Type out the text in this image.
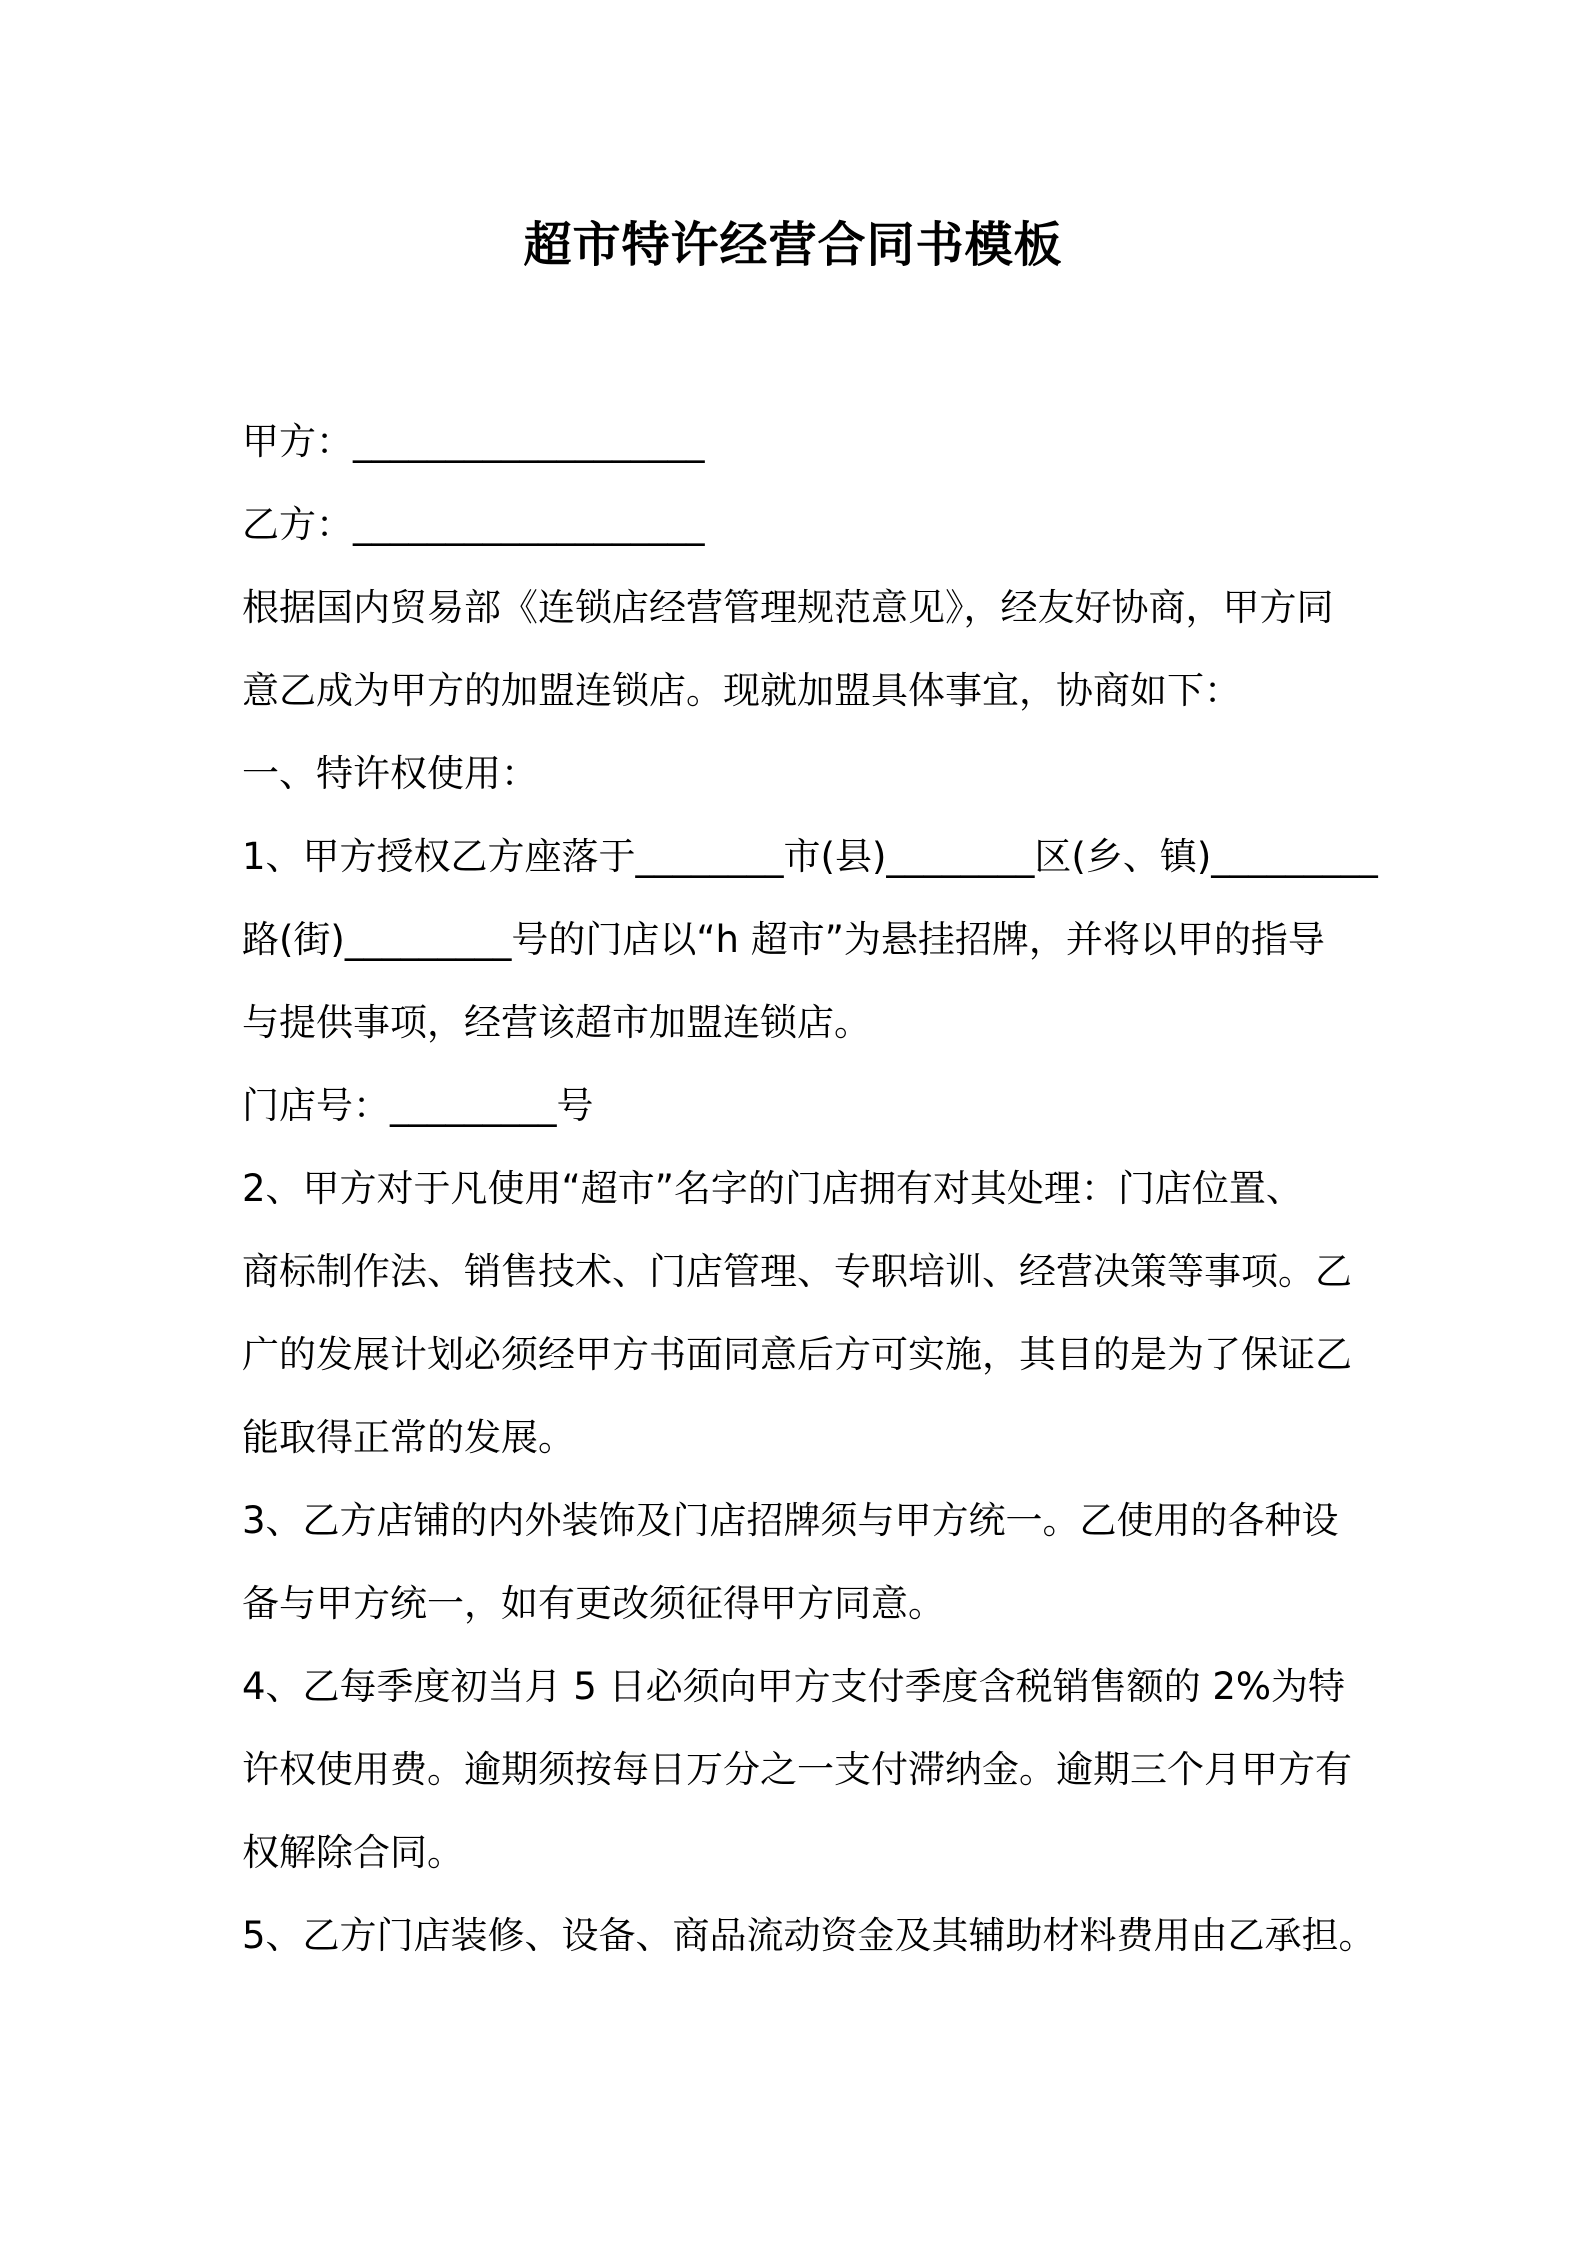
超市特许经营合同书模板
甲方：___________________
乙方：___________________
根据国内贸易部《连锁店经营管理规范意见》，经友好协商，甲方同
意乙成为甲方的加盟连锁店。现就加盟具体事宜，协商如下：
一、特许权使用：
1、甲方授权乙方座落于________市(县)________区(乡、镇)_________
路(街)_________号的门店以“h 超市”为悬挂招牌，并将以甲的指导
与提供事项，经营该超市加盟连锁店。
门店号：_________号
2、甲方对于凡使用“超市”名字的门店拥有对其处理：门店位置、
商标制作法、销售技术、门店管理、专职培训、经营决策等事项。乙
广的发展计划必须经甲方书面同意后方可实施，其目的是为了保证乙
能取得正常的发展。
3、乙方店铺的内外装饰及门店招牌须与甲方统一。乙使用的各种设
备与甲方统一，如有更改须征得甲方同意。
4、乙每季度初当月 5 日必须向甲方支付季度含税销售额的 2%为特
许权使用费。逾期须按每日万分之一支付滞纳金。逾期三个月甲方有
权解除合同。
5、乙方门店装修、设备、商品流动资金及其辅助材料费用由乙承担。
